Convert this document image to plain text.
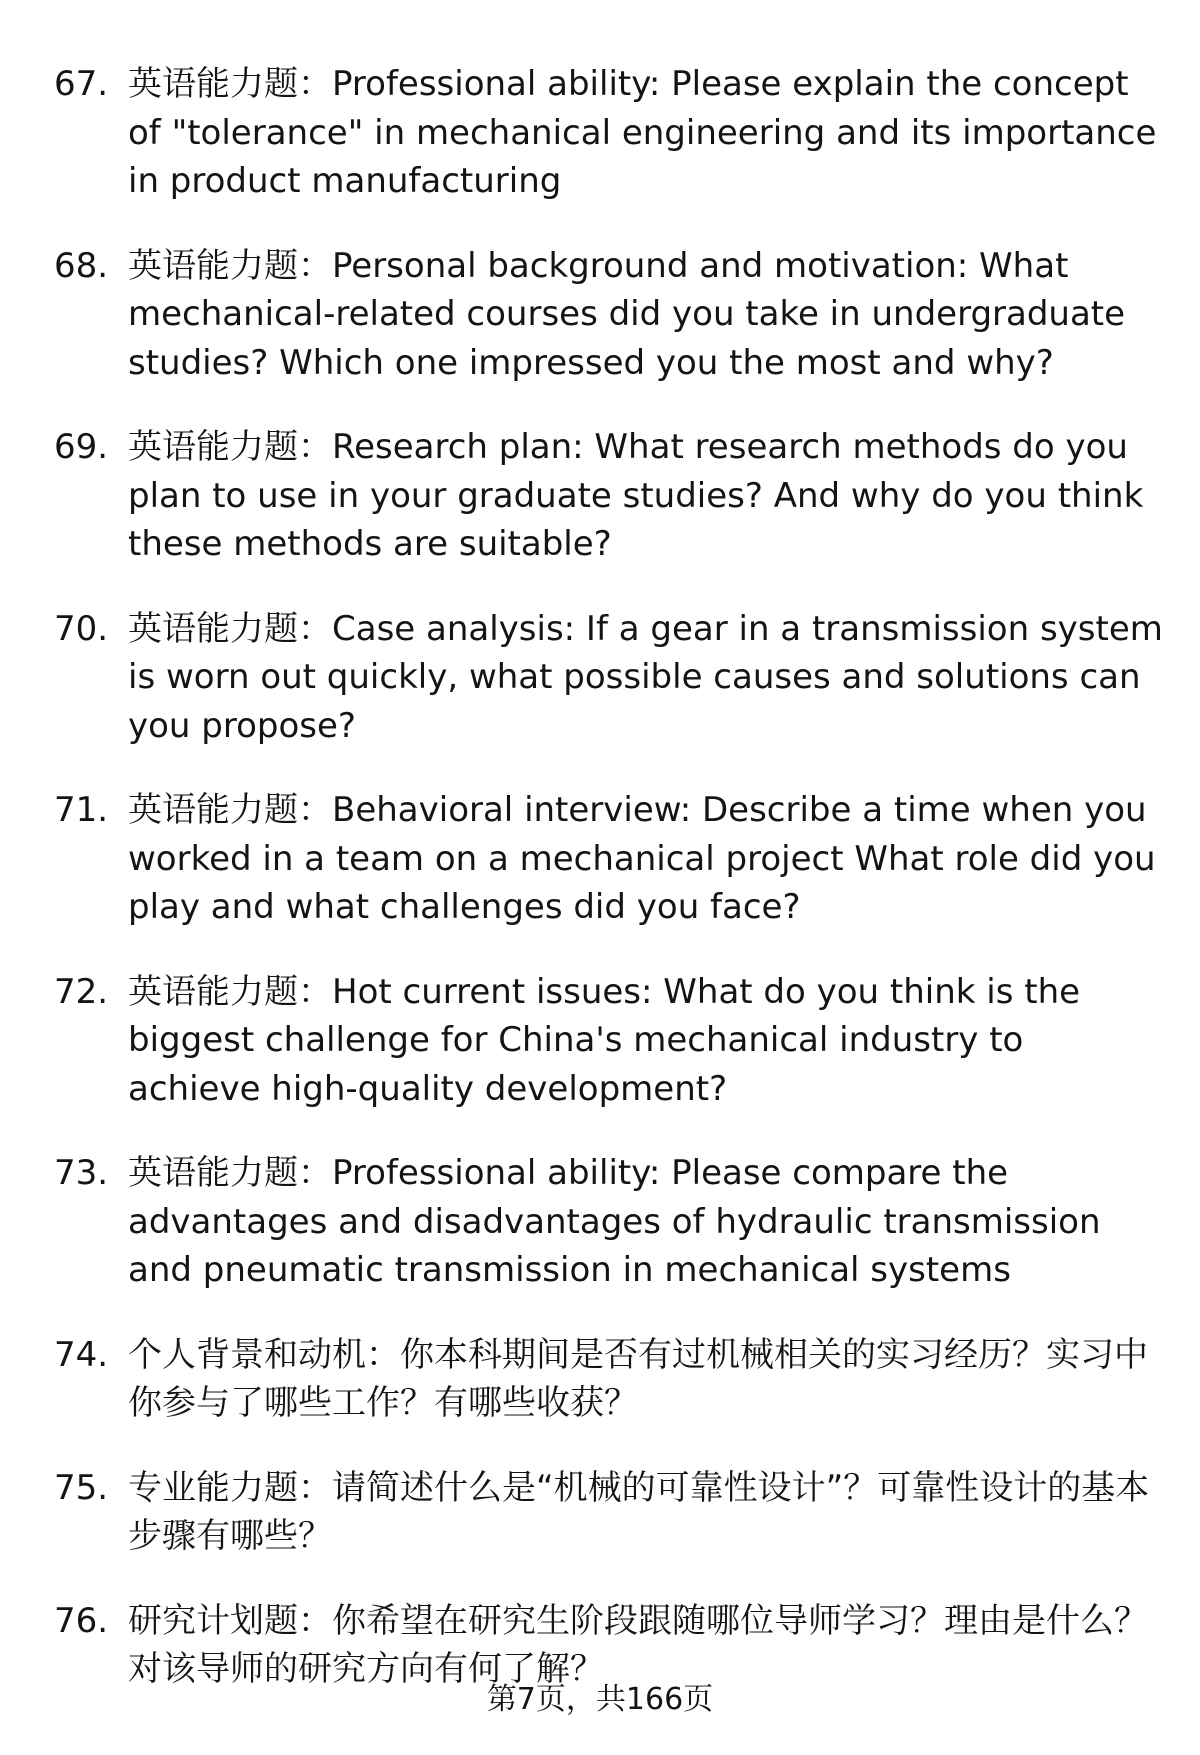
67. 英语能力题：Professional ability: Please explain the concept of "tolerance" in mechanical engineering and its importance in product manufacturing
68. 英语能力题：Personal background and motivation: What mechanical-related courses did you take in undergraduate studies? Which one impressed you the most and why?
69. 英语能力题：Research plan: What research methods do you plan to use in your graduate studies? And why do you think these methods are suitable?
70. 英语能力题：Case analysis: If a gear in a transmission system is worn out quickly, what possible causes and solutions can you propose?
71. 英语能力题：Behavioral interview: Describe a time when you worked in a team on a mechanical project What role did you play and what challenges did you face?
72. 英语能力题：Hot current issues: What do you think is the biggest challenge for China's mechanical industry to achieve high-quality development?
73. 英语能力题：Professional ability: Please compare the advantages and disadvantages of hydraulic transmission and pneumatic transmission in mechanical systems
74. 个人背景和动机：你本科期间是否有过机械相关的实习经历？实习中你参与了哪些工作？有哪些收获？
75. 专业能力题：请简述什么是“机械的可靠性设计”？可靠性设计的基本步骤有哪些？
76. 研究计划题：你希望在研究生阶段跟随哪位导师学习？理由是什么？对该导师的研究方向有何了解？
第7页，共166页
